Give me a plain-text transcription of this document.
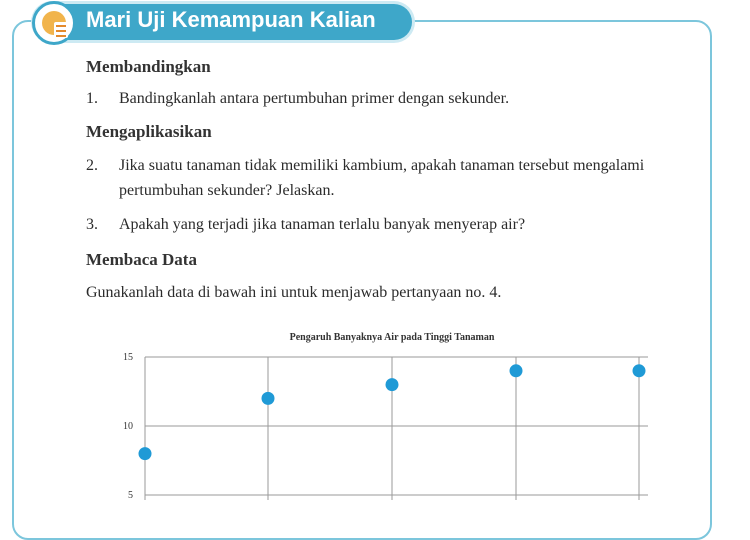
Mari Uji Kemampuan Kalian
Membandingkan
1. Bandingkanlah antara pertumbuhan primer dengan sekunder.
Mengaplikasikan
2. Jika suatu tanaman tidak memiliki kambium, apakah tanaman tersebut mengalami pertumbuhan sekunder? Jelaskan.
3. Apakah yang terjadi jika tanaman terlalu banyak menyerap air?
Membaca Data
Gunakanlah data di bawah ini untuk menjawab pertanyaan no. 4.
Pengaruh Banyaknya Air pada Tinggi Tanaman
5
10
15
